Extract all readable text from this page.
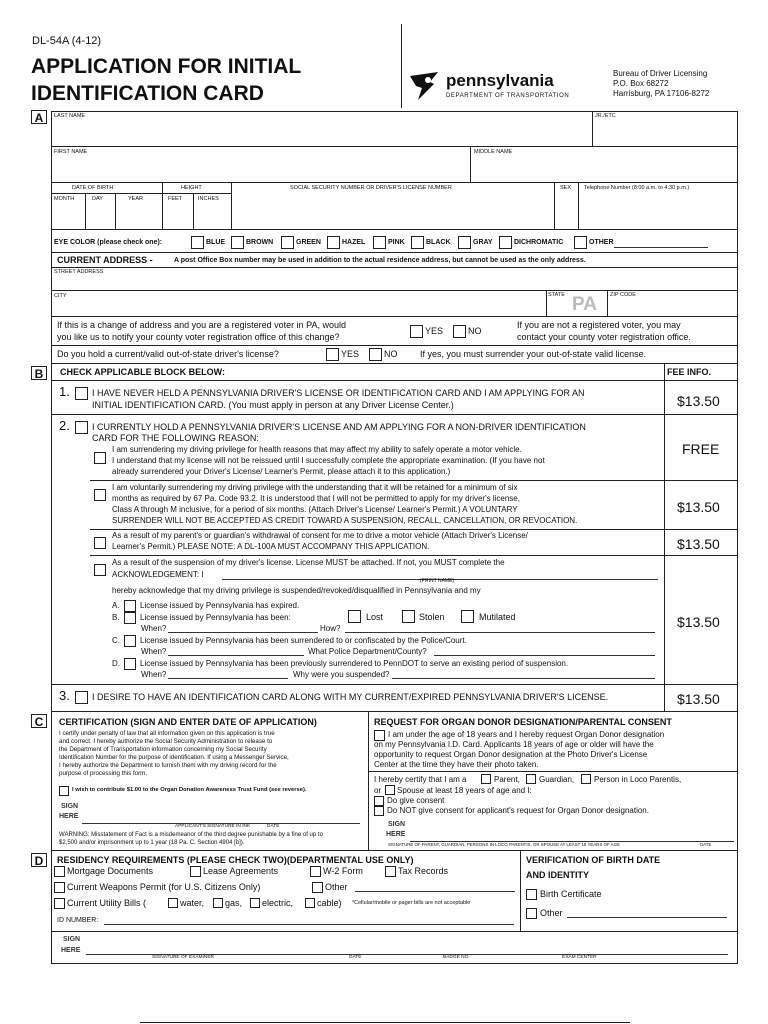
DL-54A (4-12)
APPLICATION FOR INITIAL
IDENTIFICATION CARD
pennsylvania
DEPARTMENT OF TRANSPORTATION
Bureau of Driver Licensing
P.O. Box 68272
Harrisburg, PA 17106-8272
A	LAST NAME	JR./ETC
FIRST NAME	MIDDLE NAME
DATE OF BIRTH	HEIGHT	SOCIAL SECURITY NUMBER OR DRIVER'S LICENSE NUMBER	SEX Telephone Number (8:00 a.m. to 4:30 p.m.)
MONTH	DAY	YEAR	FEET	INCHES
EYE COLOR (please check one):	BLUE	BROWN	GREEN	HAZEL	PINK	BLACK	GRAY	DICHROMATIC	OTHER
CURRENT ADDRESS -	A post Office Box number may be used in addition to the actual residence address, but cannot be used as the only address.
STREET ADDRESS
CITY	STATE PA ZIP CODE
If this is a change of address and you are a registered voter in PA, would
you like us to notify your county voter registration office of this change?
YES	NO
If you are not a registered voter, you may
contact your county voter registration office.
Do you hold a current/valid out-of-state driver's license?	YES	NO	If yes, you must surrender your out-of-state valid license.
B	CHECK APPLICABLE BLOCK BELOW:	FEE INFO.
1. I HAVE NEVER HELD A PENNSYLVANIA DRIVER'S LICENSE OR IDENTIFICATION CARD AND I AM APPLYING FOR AN
INITIAL IDENTIFICATION CARD. (You must apply in person at any Driver License Center.)	$13.50
2. I CURRENTLY HOLD A PENNSYLVANIA DRIVER'S LICENSE AND AM APPLYING FOR A NON-DRIVER IDENTIFICATION
CARD FOR THE FOLLOWING REASON:
I am surrendering my driving privilege for health reasons that may affect my ability to safely operate a motor vehicle.
I understand that my license will not be reissued until I successfully complete the appropriate examination. (If you have not
already surrendered your Driver's License/ Learner's Permit, please attach it to this application.)
FREE
I am voluntarily surrendering my driving privilege with the understanding that it will be retained for a minimum of six
months as required by 67 Pa. Code 93.2. It is understood that I will not be permitted to apply for my driver's license,
Class A through M inclusive, for a period of six months. (Attach Driver's License/ Learner's Permit.) A VOLUNTARY
SURRENDER WILL NOT BE ACCEPTED AS CREDIT TOWARD A SUSPENSION, RECALL, CANCELLATION, OR REVOCATION.
$13.50
As a result of my parent's or guardian's withdrawal of consent for me to drive a motor vehicle (Attach Driver's License/
Learner's Permit.) PLEASE NOTE: A DL-100A MUST ACCOMPANY THIS APPLICATION.	$13.50
As a result of the suspension of my driver's license. License MUST be attached. If not, you MUST complete the
ACKNOWLEDGEMENT: I
(PRINT NAME)
hereby acknowledge that my driving privilege is suspended/revoked/disqualified in Pennsylvania and my
A.	License issued by Pennsylvania has expired.
B.	License issued by Pennsylvania has been:	Lost	Stolen	Mutilated
When?	How?
C.	License issued by Pennsylvania has been surrendered to or confiscated by the Police/Court.
When?	What Police Department/County?
D.	License issued by Pennsylvania has been previously surrendered to PennDOT to serve an existing period of suspension.
When?	Why were you suspended?
$13.50
3. I DESIRE TO HAVE AN IDENTIFICATION CARD ALONG WITH MY CURRENT/EXPIRED PENNSYLVANIA DRIVER'S LICENSE.	$13.50
C	CERTIFICATION (SIGN AND ENTER DATE OF APPLICATION)
I certify under penalty of law that all information given on this application is true
and correct. I hereby authorize the Social Security Administration to release to
the Department of Transportation information concerning my Social Security
Identification Number for the purpose of identification. If using a Messenger Service,
I hereby authorize the Department to furnish them with my driving record for the
purpose of processing this form.
I wish to contribute $1.00 to the Organ Donation Awareness Trust Fund (see reverse).
SIGN
HERE
APPLICANT'S SIGNATURE IN INK	DATE
WARNING: Misstatement of Fact is a misdemeanor of the third degree punishable by a fine of up to
$2,500 and/or imprisonment up to 1 year (18 Pa. C. Section 4904 [b]).
REQUEST FOR ORGAN DONOR DESIGNATION/PARENTAL CONSENT
I am under the age of 18 years and I hereby request Organ Donor designation
on my Pennsylvania I.D. Card. Applicants 18 years of age or older will have the
opportunity to request Organ Donor designation at the Photo Driver's License
Center at the time they have their photo taken.
I hereby certify that I am a	Parent, Guardian, Person in Loco Parentis,
or Spouse at least 18 years of age and I:
Do give consent
Do NOT give consent for applicant's request for Organ Donor designation.
SIGN
HERE
SIGNATURE OF PARENT, GUARDIAN, PERSONS IN LOCO PARENTIS, OR SPOUSE AT LEAST 18 YEARS OF AGE	DATE
D	RESIDENCY REQUIREMENTS (PLEASE CHECK TWO)(DEPARTMENTAL USE ONLY)
Mortgage Documents	Lease Agreements	W-2 Form	Tax Records
Current Weapons Permit (for U.S. Citizens Only)	Other
Current Utility Bills (	water, gas, electric,	cable) *Cellular/mobile or pager bills are not acceptable
ID NUMBER:
VERIFICATION OF BIRTH DATE
AND IDENTITY
Birth Certificate
Other
SIGN
HERE
SIGNATURE OF EXAMINER	DATE	BADGE NO.	EXAM CENTER
